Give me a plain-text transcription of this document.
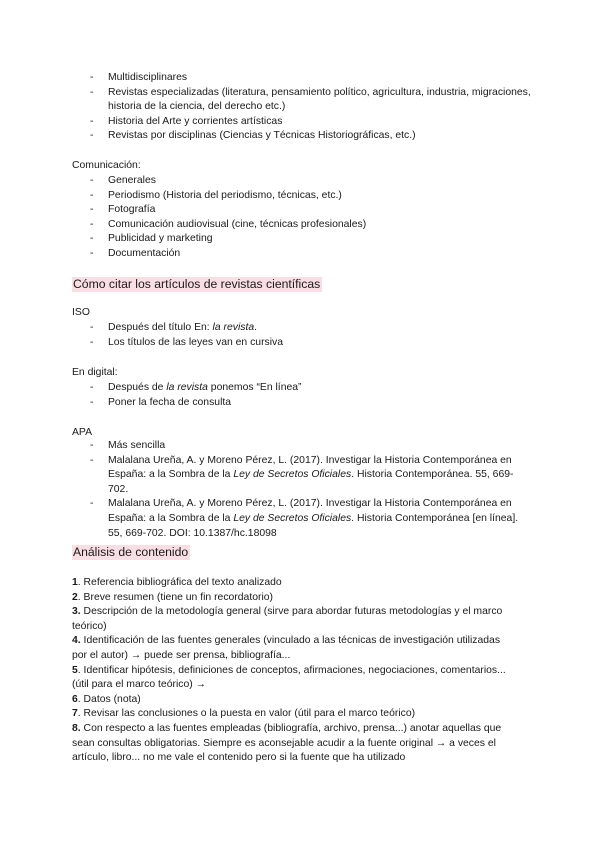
- Multidisciplinares
- Revistas especializadas (literatura, pensamiento político, agricultura, industria, migraciones, historia de la ciencia, del derecho etc.)
- Historia del Arte y corrientes artísticas
- Revistas por disciplinas (Ciencias y Técnicas Historiográficas, etc.)
Comunicación:
- Generales
- Periodismo (Historia del periodismo, técnicas, etc.)
- Fotografía
- Comunicación audiovisual (cine, técnicas profesionales)
- Publicidad y marketing
- Documentación
Cómo citar los artículos de revistas científicas
ISO
- Después del título En: la revista.
- Los títulos de las leyes van en cursiva
En digital:
- Después de la revista ponemos “En línea”
- Poner la fecha de consulta
APA
- Más sencilla
- Malalana Ureña, A. y Moreno Pérez, L. (2017). Investigar la Historia Contemporánea en España: a la Sombra de la Ley de Secretos Oficiales. Historia Contemporánea. 55, 669-702.
- Malalana Ureña, A. y Moreno Pérez, L. (2017). Investigar la Historia Contemporánea en España: a la Sombra de la Ley de Secretos Oficiales. Historia Contemporánea [en línea]. 55, 669-702. DOI: 10.1387/hc.18098
Análisis de contenido
1. Referencia bibliográfica del texto analizado
2. Breve resumen (tiene un fin recordatorio)
3. Descripción de la metodología general (sirve para abordar futuras metodologías y el marco teórico)
4. Identificación de las fuentes generales (vinculado a las técnicas de investigación utilizadas por el autor) → puede ser prensa, bibliografía...
5. Identificar hipótesis, definiciones de conceptos, afirmaciones, negociaciones, comentarios... (útil para el marco teórico) →
6. Datos (nota)
7. Revisar las conclusiones o la puesta en valor (útil para el marco teórico)
8. Con respecto a las fuentes empleadas (bibliografía, archivo, prensa...) anotar aquellas que sean consultas obligatorias. Siempre es aconsejable acudir a la fuente original → a veces el artículo, libro... no me vale el contenido pero si la fuente que ha utilizado
